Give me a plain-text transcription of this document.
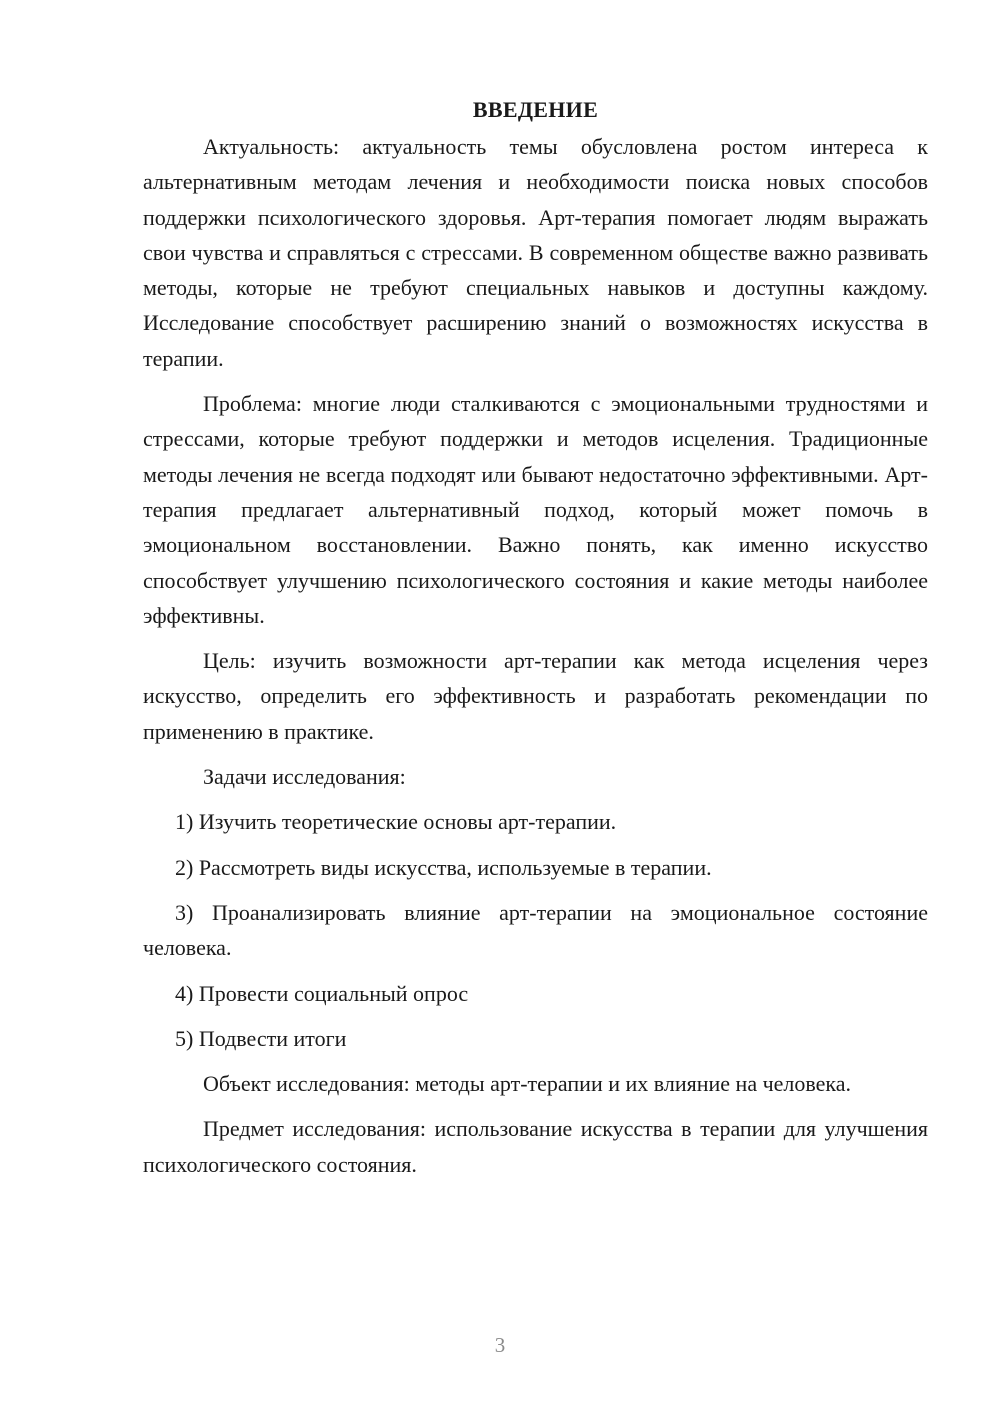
ВВЕДЕНИЕ

Актуальность: актуальность темы обусловлена ростом интереса к альтернативным методам лечения и необходимости поиска новых способов поддержки психологического здоровья. Арт-терапия помогает людям выражать свои чувства и справляться с стрессами. В современном обществе важно развивать методы, которые не требуют специальных навыков и доступны каждому. Исследование способствует расширению знаний о возможностях искусства в терапии.

Проблема: многие люди сталкиваются с эмоциональными трудностями и стрессами, которые требуют поддержки и методов исцеления. Традиционные методы лечения не всегда подходят или бывают недостаточно эффективными. Арт-терапия предлагает альтернативный подход, который может помочь в эмоциональном восстановлении. Важно понять, как именно искусство способствует улучшению психологического состояния и какие методы наиболее эффективны.

Цель: изучить возможности арт-терапии как метода исцеления через искусство, определить его эффективность и разработать рекомендации по применению в практике.

Задачи исследования:

1) Изучить теоретические основы арт-терапии.

2) Рассмотреть виды искусства, используемые в терапии.

3) Проанализировать влияние арт-терапии на эмоциональное состояние человека.

4) Провести социальный опрос

5) Подвести итоги

Объект исследования: методы арт-терапии и их влияние на человека.

Предмет исследования: использование искусства в терапии для улучшения психологического состояния.

3
